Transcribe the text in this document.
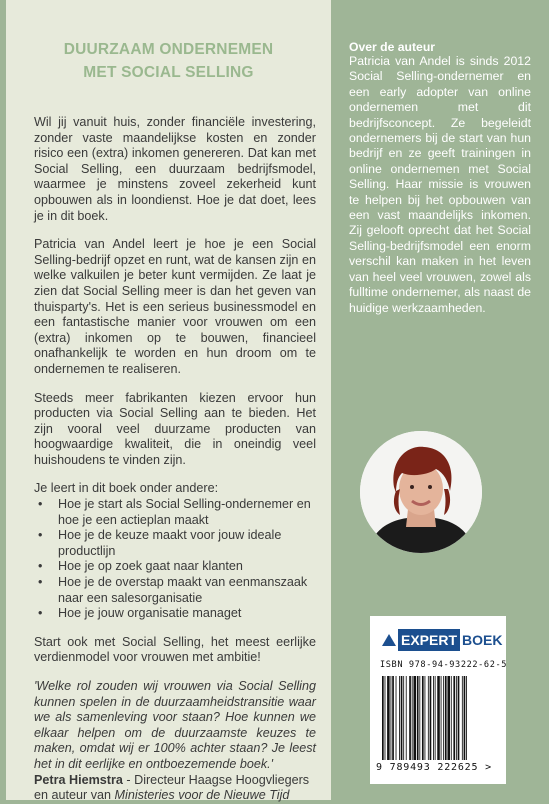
DUURZAAM ONDERNEMEN
MET SOCIAL SELLING

Wil jij vanuit huis, zonder financiële investering, zonder vaste maandelijkse kosten en zonder risico een (extra) inkomen genereren. Dat kan met Social Selling, een duurzaam bedrijfsmodel, waarmee je minstens zoveel zekerheid kunt opbouwen als in loondienst. Hoe je dat doet, lees je in dit boek.

Patricia van Andel leert je hoe je een Social Selling-bedrijf opzet en runt, wat de kansen zijn en welke valkuilen je beter kunt vermijden. Ze laat je zien dat Social Selling meer is dan het geven van thuisparty's. Het is een serieus businessmodel en een fantastische manier voor vrouwen om een (extra) inkomen op te bouwen, financieel onafhankelijk te worden en hun droom om te ondernemen te realiseren.

Steeds meer fabrikanten kiezen ervoor hun producten via Social Selling aan te bieden. Het zijn vooral veel duurzame producten van hoogwaardige kwaliteit, die in oneindig veel huishoudens te vinden zijn.

Je leert in dit boek onder andere:
• Hoe je start als Social Selling-ondernemer en hoe je een actieplan maakt
• Hoe je de keuze maakt voor jouw ideale productlijn
• Hoe je op zoek gaat naar klanten
• Hoe je de overstap maakt van eenmanszaak naar een salesorganisatie
• Hoe je jouw organisatie managet

Start ook met Social Selling, het meest eerlijke verdienmodel voor vrouwen met ambitie!

'Welke rol zouden wij vrouwen via Social Selling kunnen spelen in de duurzaamheidstransitie waar we als samenleving voor staan? Hoe kunnen we elkaar helpen om de duurzaamste keuzes te maken, omdat wij er 100% achter staan? Je leest het in dit eerlijke en ontboezemende boek.'
Petra Hiemstra - Directeur Haagse Hoogvliegers en auteur van Ministeries voor de Nieuwe Tijd
Over de auteur
Patricia van Andel is sinds 2012 Social Selling-ondernemer en een early adopter van online ondernemen met dit bedrijfsconcept. Ze begeleidt ondernemers bij de start van hun bedrijf en ze geeft trainingen in online ondernemen met Social Selling. Haar missie is vrouwen te helpen bij het opbouwen van een vast maandelijks inkomen. Zij gelooft oprecht dat het Social Selling-bedrijfsmodel een enorm verschil kan maken in het leven van heel veel vrouwen, zowel als fulltime ondernemer, als naast de huidige werkzaamheden.
EXPERT BOEK
ISBN 978-94-93222-62-5
9 789493 222625 >
